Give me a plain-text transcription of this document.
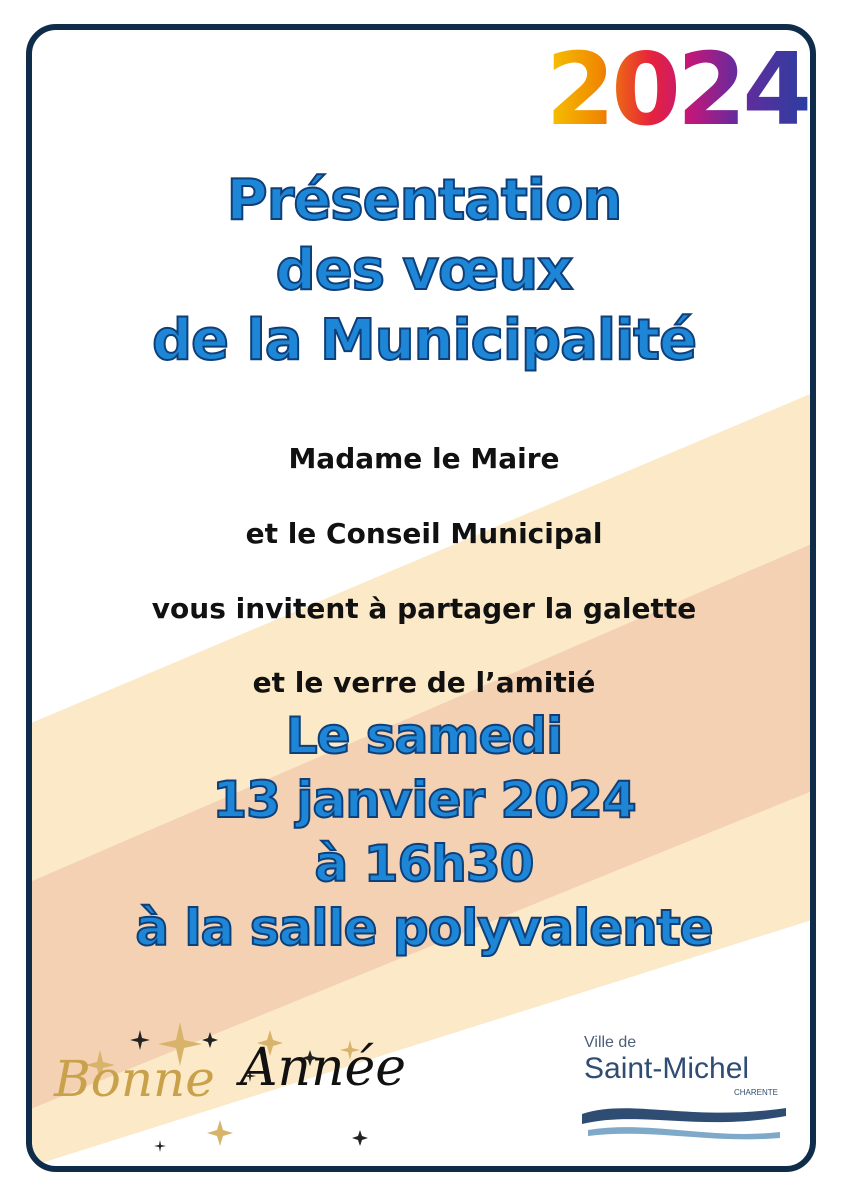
2024
Présentation
des vœux
de la Municipalité
Madame le Maire
et le Conseil Municipal
vous invitent à partager la galette
et le verre de l’amitié
Le samedi
13 janvier 2024
à 16h30
à la salle polyvalente
Bonne Année	Ville de
Saint-Michel
CHARENTE
